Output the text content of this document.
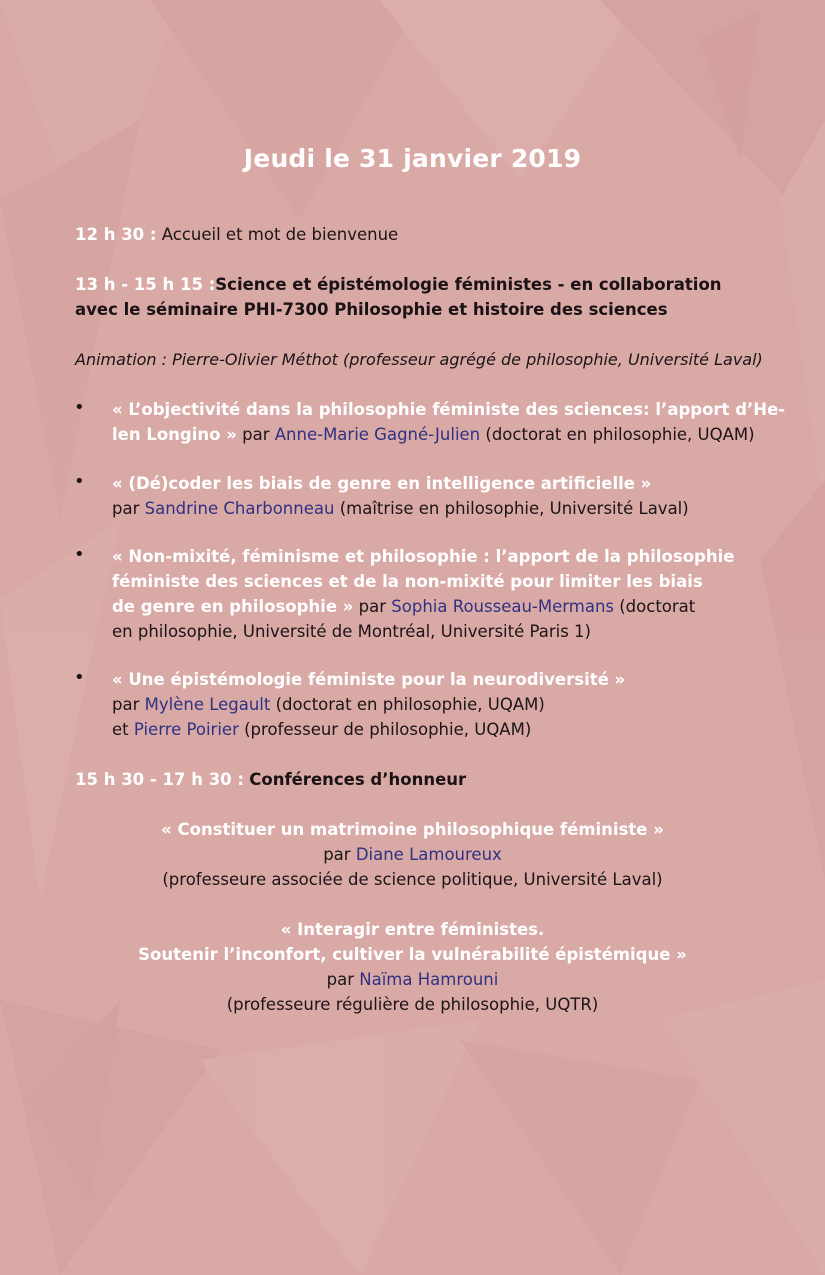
Jeudi le 31 janvier 2019
12 h 30 : Accueil et mot de bienvenue
13 h - 15 h 15 :Science et épistémologie féministes - en collaboration
avec le séminaire PHI-7300 Philosophie et histoire des sciences
Animation : Pierre-Olivier Méthot (professeur agrégé de philosophie, Université Laval)
• « L’objectivité dans la philosophie féministe des sciences: l’apport d’He-
len Longino » par Anne-Marie Gagné-Julien (doctorat en philosophie, UQAM)
• « (Dé)coder les biais de genre en intelligence artificielle »
par Sandrine Charbonneau (maîtrise en philosophie, Université Laval)
• « Non-mixité, féminisme et philosophie : l’apport de la philosophie
féministe des sciences et de la non-mixité pour limiter les biais
de genre en philosophie » par Sophia Rousseau-Mermans (doctorat
en philosophie, Université de Montréal, Université Paris 1)
• « Une épistémologie féministe pour la neurodiversité »
par Mylène Legault (doctorat en philosophie, UQAM)
et Pierre Poirier (professeur de philosophie, UQAM)
15 h 30 - 17 h 30 : Conférences d’honneur
« Constituer un matrimoine philosophique féministe »
par Diane Lamoureux
(professeure associée de science politique, Université Laval)
« Interagir entre féministes.
Soutenir l’inconfort, cultiver la vulnérabilité épistémique »
par Naïma Hamrouni
(professeure régulière de philosophie, UQTR)
